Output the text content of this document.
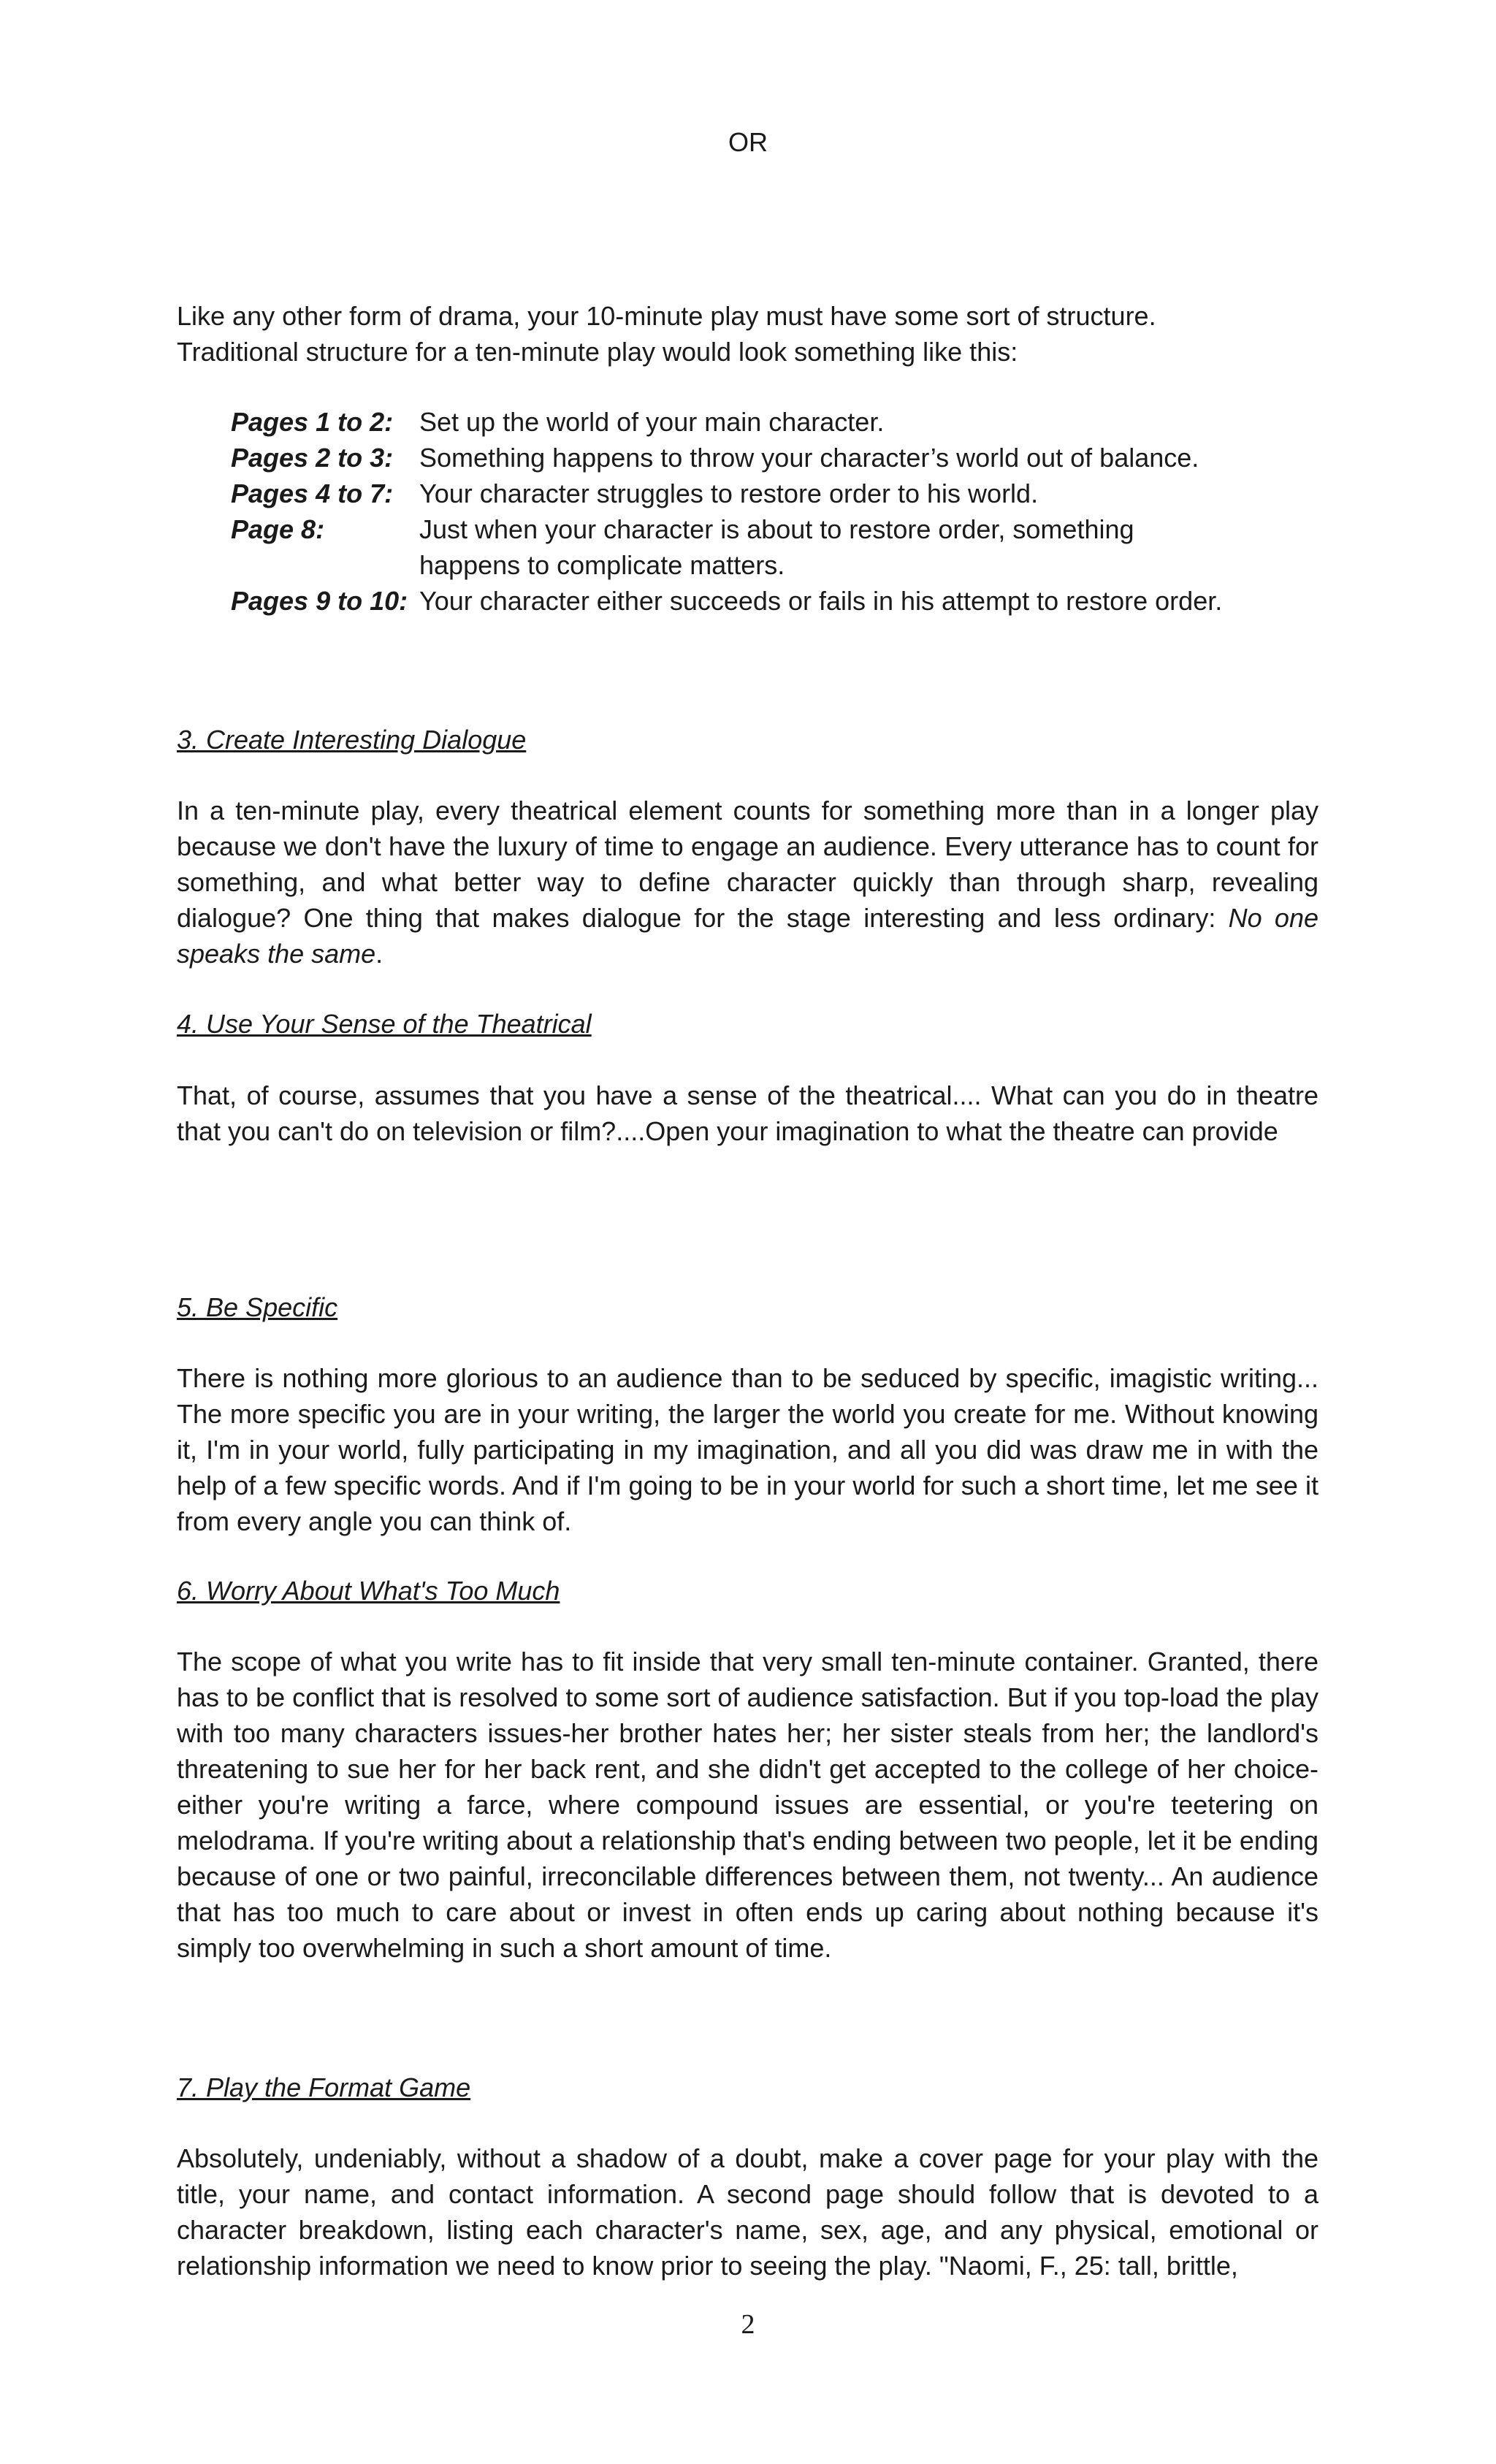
OR
Like any other form of drama, your 10-minute play must have some sort of structure.
Traditional structure for a ten-minute play would look something like this:
Pages 1 to 2: Set up the world of your main character.
Pages 2 to 3: Something happens to throw your character’s world out of balance.
Pages 4 to 7: Your character struggles to restore order to his world.
Page 8:	Just when your character is about to restore order, something happens to complicate matters.
Pages 9 to 10: Your character either succeeds or fails in his attempt to restore order.
3. Create Interesting Dialogue
In a ten-minute play, every theatrical element counts for something more than in a longer play because we don't have the luxury of time to engage an audience. Every utterance has to count for something, and what better way to define character quickly than through sharp, revealing dialogue? One thing that makes dialogue for the stage interesting and less ordinary: No one speaks the same.
4. Use Your Sense of the Theatrical
That, of course, assumes that you have a sense of the theatrical.... What can you do in theatre that you can't do on television or film?....Open your imagination to what the theatre can provide
5. Be Specific
There is nothing more glorious to an audience than to be seduced by specific, imagistic writing... The more specific you are in your writing, the larger the world you create for me. Without knowing it, I'm in your world, fully participating in my imagination, and all you did was draw me in with the help of a few specific words. And if I'm going to be in your world for such a short time, let me see it from every angle you can think of.
6. Worry About What's Too Much
The scope of what you write has to fit inside that very small ten-minute container. Granted, there has to be conflict that is resolved to some sort of audience satisfaction. But if you top-load the play with too many characters issues-her brother hates her; her sister steals from her; the landlord's threatening to sue her for her back rent, and she didn't get accepted to the college of her choice-either you're writing a farce, where compound issues are essential, or you're teetering on melodrama. If you're writing about a relationship that's ending between two people, let it be ending because of one or two painful, irreconcilable differences between them, not twenty... An audience that has too much to care about or invest in often ends up caring about nothing because it's simply too overwhelming in such a short amount of time.
7. Play the Format Game
Absolutely, undeniably, without a shadow of a doubt, make a cover page for your play with the title, your name, and contact information. A second page should follow that is devoted to a character breakdown, listing each character's name, sex, age, and any physical, emotional or relationship information we need to know prior to seeing the play. "Naomi, F., 25: tall, brittle,
2
